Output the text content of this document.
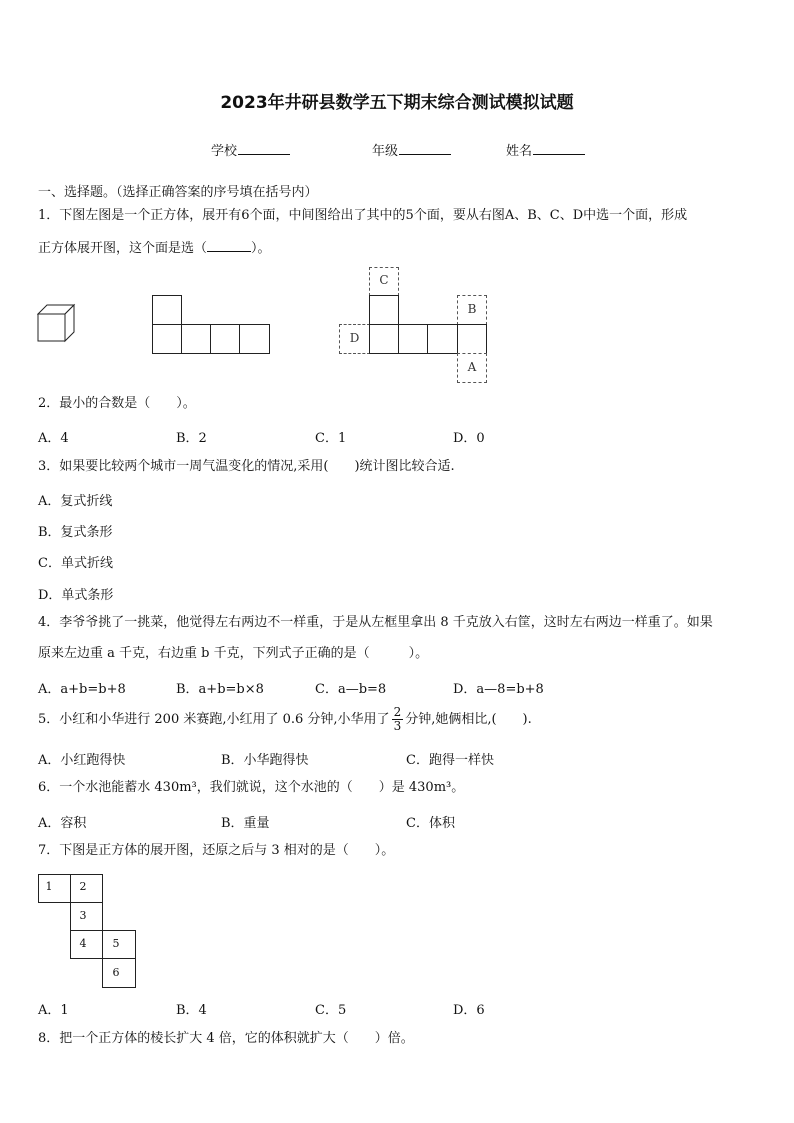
2023年井研县数学五下期末综合测试模拟试题
学校	年级	姓名
一、选择题。（选择正确答案的序号填在括号内）
1．下图左图是一个正方体，展开有6个面，中间图给出了其中的5个面，要从右图A、B、C、D中选一个面，形成
正方体展开图，这个面是选（	）。
C
D
B
A
2．最小的合数是（　　）。
A．4	B．2	C．1	D．0
3．如果要比较两个城市一周气温变化的情况,采用(　　)统计图比较合适.
A．复式折线
B．复式条形
C．单式折线
D．单式条形
4．李爷爷挑了一挑菜，他觉得左右两边不一样重，于是从左框里拿出 8 千克放入右筐，这时左右两边一样重了。如果
原来左边重 a 千克，右边重 b 千克，下列式子正确的是（　　　）。
A．a+b=b+8	B．a+b=b×8	C．a—b=8	D．a—8=b+8
5．小红和小华进行 200 米赛跑,小红用了 0.6 分钟,小华用了 $\frac{2}{3}$ 分钟,她俩相比,(　　).
A．小红跑得快	B．小华跑得快	C．跑得一样快
6．一个水池能蓄水 430m³，我们就说，这个水池的（　　）是 430m³。
A．容积	B．重量	C．体积
7．下图是正方体的展开图，还原之后与 3 相对的是（　　）。
1	2
3
4	5
6
A．1	B．4	C．5	D．6
8．把一个正方体的棱长扩大 4 倍，它的体积就扩大（　　）倍。
